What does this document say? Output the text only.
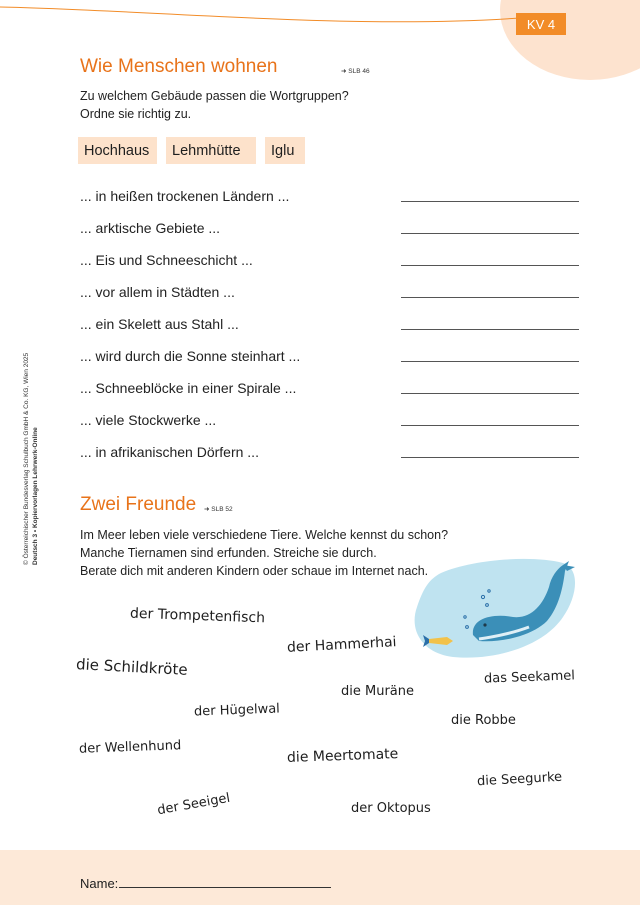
KV 4
© Österreichischer Bundesverlag Schulbuch GmbH & Co. KG, Wien 2025 Deutsch 3 • Kopiervorlagen Lehrwerk-Online
Wie Menschen wohnen	➜ SLB 46
Zu welchem Gebäude passen die Wortgruppen?
Ordne sie richtig zu.
Hochhaus	Lehmhütte	Iglu
... in heißen trockenen Ländern ...
... arktische Gebiete ...
... Eis und Schneeschicht ...
... vor allem in Städten ...
... ein Skelett aus Stahl ...
... wird durch die Sonne steinhart ...
... Schneeblöcke in einer Spirale ...
... viele Stockwerke ...
... in afrikanischen Dörfern ...
Zwei Freunde ➜ SLB 52
Im Meer leben viele verschiedene Tiere. Welche kennst du schon?
Manche Tiernamen sind erfunden. Streiche sie durch.
Berate dich mit anderen Kindern oder schaue im Internet nach.
der Trompetenfisch
der Hammerhai
die Schildkröte	das Seekamel
die Muräne
der Hügelwal
die Robbe
der Wellenhund	die Meertomate
die Seegurke
der Seeigel	der Oktopus
Name:
